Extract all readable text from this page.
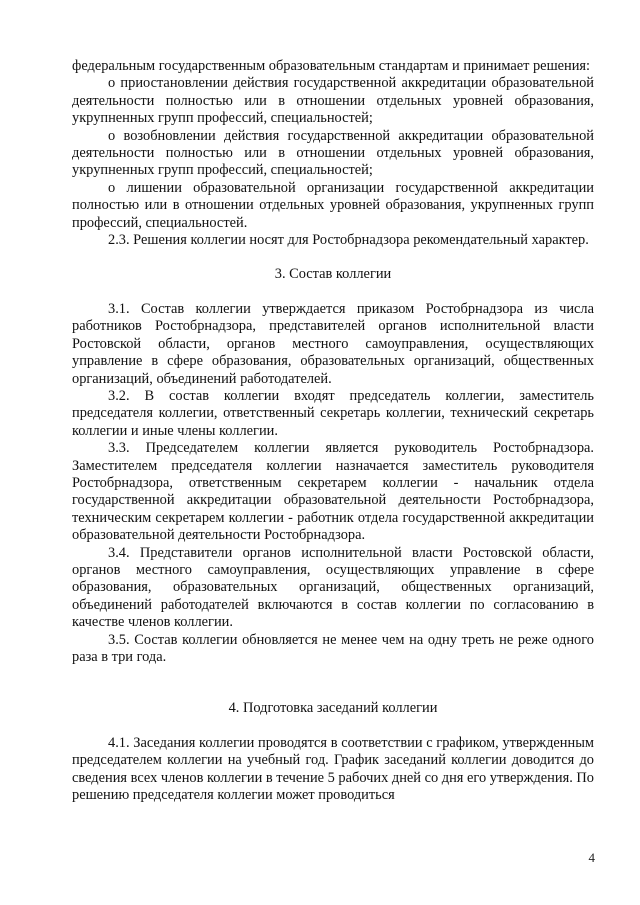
федеральным государственным образовательным стандартам и принимает решения:

о приостановлении действия государственной аккредитации образовательной деятельности полностью или в отношении отдельных уровней образования, укрупненных групп профессий, специальностей;

о возобновлении действия государственной аккредитации образовательной деятельности полностью или в отношении отдельных уровней образования, укрупненных групп профессий, специальностей;

о лишении образовательной организации государственной аккредитации полностью или в отношении отдельных уровней образования, укрупненных групп профессий, специальностей.

2.3. Решения коллегии носят для Ростобрнадзора рекомендательный характер.

3. Состав коллегии

3.1. Состав коллегии утверждается приказом Ростобрнадзора из числа работников Ростобрнадзора, представителей органов исполнительной власти Ростовской области, органов местного самоуправления, осуществляющих управление в сфере образования, образовательных организаций, общественных организаций, объединений работодателей.

3.2. В состав коллегии входят председатель коллегии, заместитель председателя коллегии, ответственный секретарь коллегии, технический секретарь коллегии и иные члены коллегии.

3.3. Председателем коллегии является руководитель Ростобрнадзора. Заместителем председателя коллегии назначается заместитель руководителя Ростобрнадзора, ответственным секретарем коллегии - начальник отдела государственной аккредитации образовательной деятельности Ростобрнадзора, техническим секретарем коллегии - работник отдела государственной аккредитации образовательной деятельности Ростобрнадзора.

3.4. Представители органов исполнительной власти Ростовской области, органов местного самоуправления, осуществляющих управление в сфере образования, образовательных организаций, общественных организаций, объединений работодателей включаются в состав коллегии по согласованию в качестве членов коллегии.

3.5. Состав коллегии обновляется не менее чем на одну треть не реже одного раза в три года.

4. Подготовка заседаний коллегии

4.1. Заседания коллегии проводятся в соответствии с графиком, утвержденным председателем коллегии на учебный год. График заседаний коллегии доводится до сведения всех членов коллегии в течение 5 рабочих дней со дня его утверждения. По решению председателя коллегии может проводиться

4
